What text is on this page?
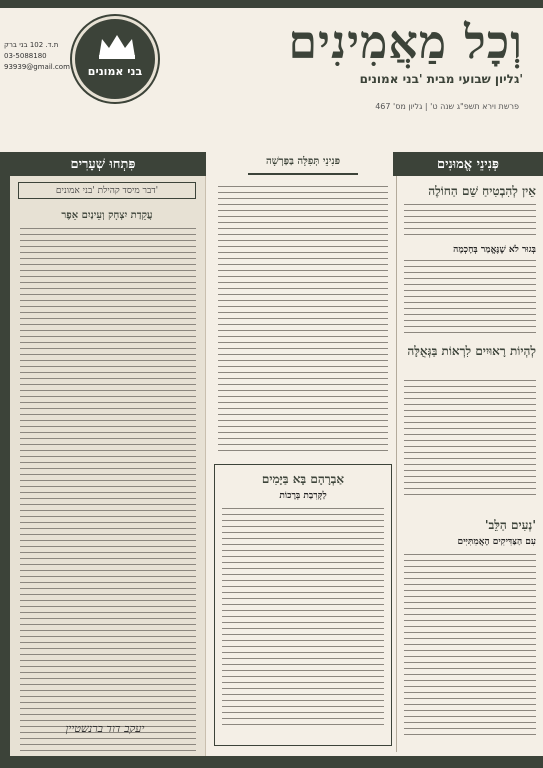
ת.ד. 102 בני ברק
03-5088180
93939@gmail.com	בני אמונים
וְכָל מַאֲמִינִים
גליון שבועי מבית 'בני אמונים'
פרשת וירא תשפ"ג שנה ט' | גליון מס' 467
פִּתְחוּ שְׁעָרִים
דבר מיסד קהילת 'בני אמונים'
עֲקֵדַת יִצְחָק וְעֵינַיִם אֵפֶר
יעקב דוד ברנשטיין
פּנִינֵי תְּפִלָּה בַּפַּרְשָׁה
אַבְרָהָם בָּא בַּיָּמִים
לַקְּרִבַת בְּרָכוֹת
פְּנִינֵי אֱמוּנִים
אֵין לְהִבְטִיחַ שֵׁם הַחוֹלֶה
בְּגוּר לֹא שֶׁנֶּאֱמַר בְּחָכְמָה
לְהְיוֹת רָאוּיִים לִרְאוֹת בַּגְּאֻלָּה
'נְעִים הַלֵּב'
עִם הַצַּדִּיקִים הָאֲמִתִּיִּים
